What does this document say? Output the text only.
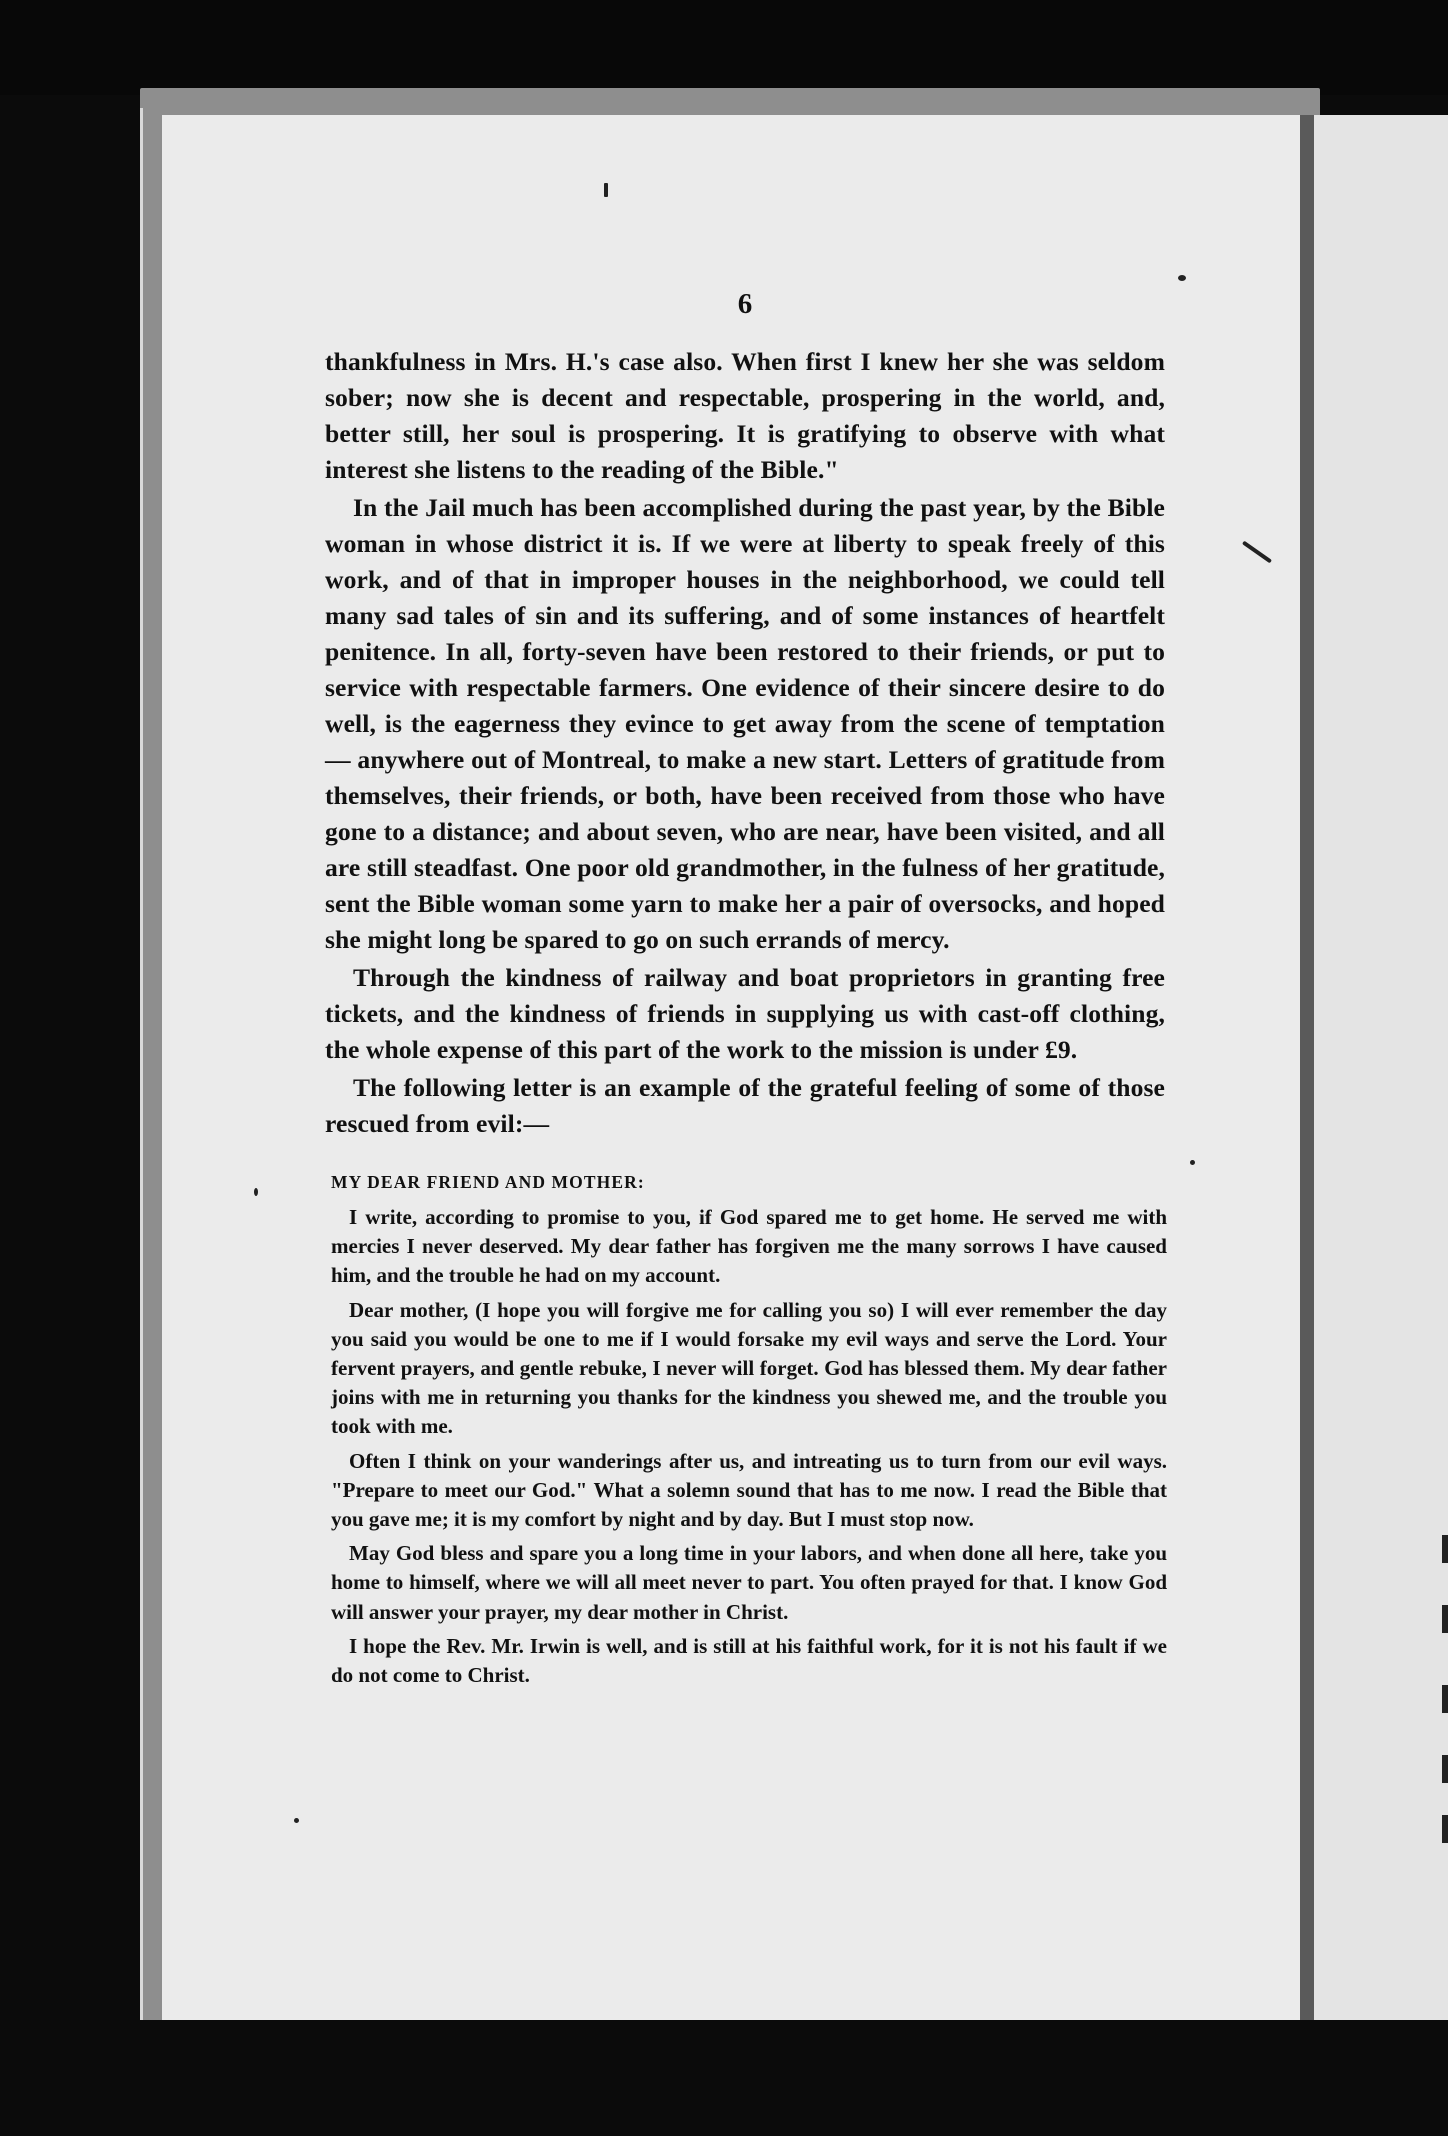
6

thankfulness in Mrs. H.'s case also. When first I knew her she was seldom sober; now she is decent and respectable, prospering in the world, and, better still, her soul is prospering. It is gratifying to observe with what interest she listens to the reading of the Bible."

In the Jail much has been accomplished during the past year, by the Bible woman in whose district it is. If we were at liberty to speak freely of this work, and of that in improper houses in the neighborhood, we could tell many sad tales of sin and its suffering, and of some instances of heartfelt penitence. In all, forty-seven have been restored to their friends, or put to service with respectable farmers. One evidence of their sincere desire to do well, is the eagerness they evince to get away from the scene of temptation — anywhere out of Montreal, to make a new start. Letters of gratitude from themselves, their friends, or both, have been received from those who have gone to a distance; and about seven, who are near, have been visited, and all are still steadfast. One poor old grandmother, in the fulness of her gratitude, sent the Bible woman some yarn to make her a pair of oversocks, and hoped she might long be spared to go on such errands of mercy.

Through the kindness of railway and boat proprietors in granting free tickets, and the kindness of friends in supplying us with cast-off clothing, the whole expense of this part of the work to the mission is under £9.

The following letter is an example of the grateful feeling of some of those rescued from evil:—

MY DEAR FRIEND AND MOTHER:

I write, according to promise to you, if God spared me to get home. He served me with mercies I never deserved. My dear father has forgiven me the many sorrows I have caused him, and the trouble he had on my account.

Dear mother, (I hope you will forgive me for calling you so) I will ever remember the day you said you would be one to me if I would forsake my evil ways and serve the Lord. Your fervent prayers, and gentle rebuke, I never will forget. God has blessed them. My dear father joins with me in returning you thanks for the kindness you shewed me, and the trouble you took with me.

Often I think on your wanderings after us, and intreating us to turn from our evil ways. "Prepare to meet our God." What a solemn sound that has to me now. I read the Bible that you gave me; it is my comfort by night and by day. But I must stop now.

May God bless and spare you a long time in your labors, and when done all here, take you home to himself, where we will all meet never to part. You often prayed for that. I know God will answer your prayer, my dear mother in Christ.

I hope the Rev. Mr. Irwin is well, and is still at his faithful work, for it is not his fault if we do not come to Christ.
